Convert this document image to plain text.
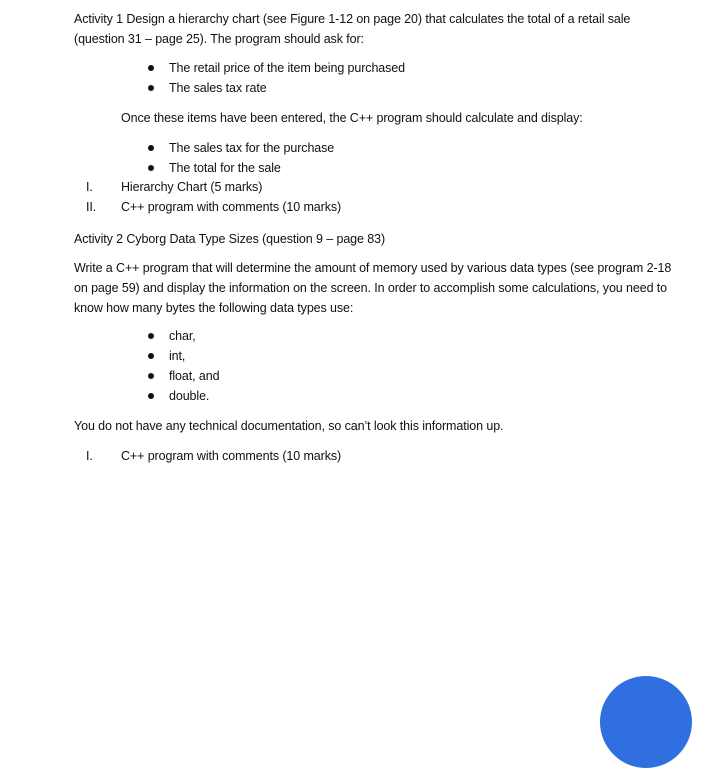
Activity 1 Design a hierarchy chart (see Figure 1-12 on page 20) that calculates the total of a retail sale (question 31 – page 25). The program should ask for:

The retail price of the item being purchased
The sales tax rate
Once these items have been entered, the C++ program should calculate and display:
The sales tax for the purchase
The total for the sale
I. Hierarchy Chart (5 marks)
II. C++ program with comments (10 marks)
Activity 2 Cyborg Data Type Sizes (question 9 – page 83)

Write a C++ program that will determine the amount of memory used by various data types (see program 2-18 on page 59) and display the information on the screen. In order to accomplish some calculations, you need to know how many bytes the following data types use:

char,
int,
float, and
double.
You do not have any technical documentation, so can’t look this information up.
I. C++ program with comments (10 marks)
